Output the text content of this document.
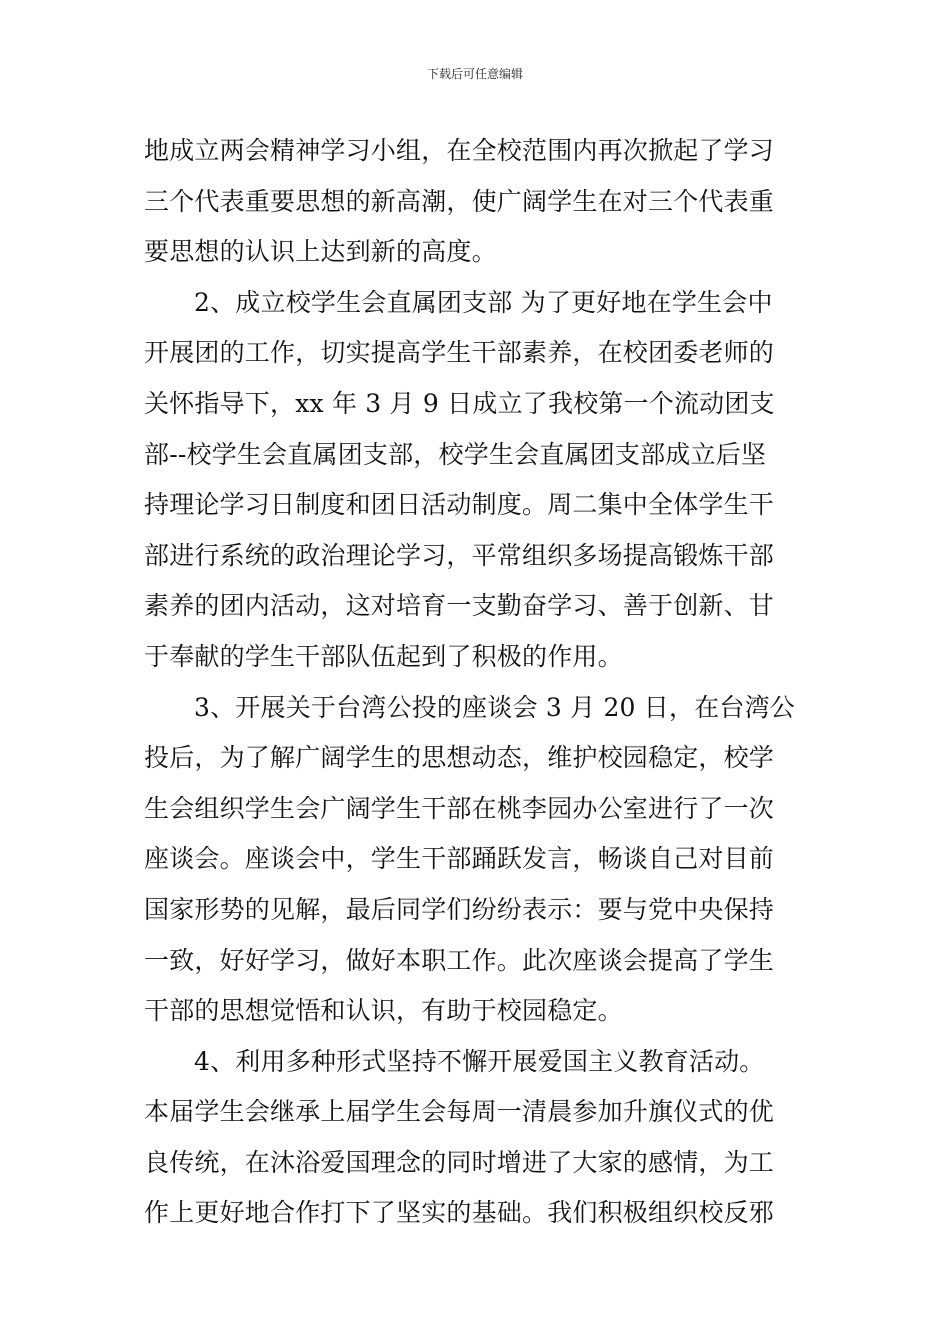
下载后可任意编辑
地成立两会精神学习小组，在全校范围内再次掀起了学习
三个代表重要思想的新高潮，使广阔学生在对三个代表重
要思想的认识上达到新的高度。
2、成立校学生会直属团支部 为了更好地在学生会中
开展团的工作，切实提高学生干部素养，在校团委老师的
关怀指导下，xx 年 3 月 9 日成立了我校第一个流动团支
部--校学生会直属团支部，校学生会直属团支部成立后坚
持理论学习日制度和团日活动制度。周二集中全体学生干
部进行系统的政治理论学习，平常组织多场提高锻炼干部
素养的团内活动，这对培育一支勤奋学习、善于创新、甘
于奉献的学生干部队伍起到了积极的作用。
3、开展关于台湾公投的座谈会 3 月 20 日，在台湾公
投后，为了解广阔学生的思想动态，维护校园稳定，校学
生会组织学生会广阔学生干部在桃李园办公室进行了一次
座谈会。座谈会中，学生干部踊跃发言，畅谈自己对目前
国家形势的见解，最后同学们纷纷表示：要与党中央保持
一致，好好学习，做好本职工作。此次座谈会提高了学生
干部的思想觉悟和认识，有助于校园稳定。
4、利用多种形式坚持不懈开展爱国主义教育活动。
本届学生会继承上届学生会每周一清晨参加升旗仪式的优
良传统，在沐浴爱国理念的同时增进了大家的感情，为工
作上更好地合作打下了坚实的基础。我们积极组织校反邪
